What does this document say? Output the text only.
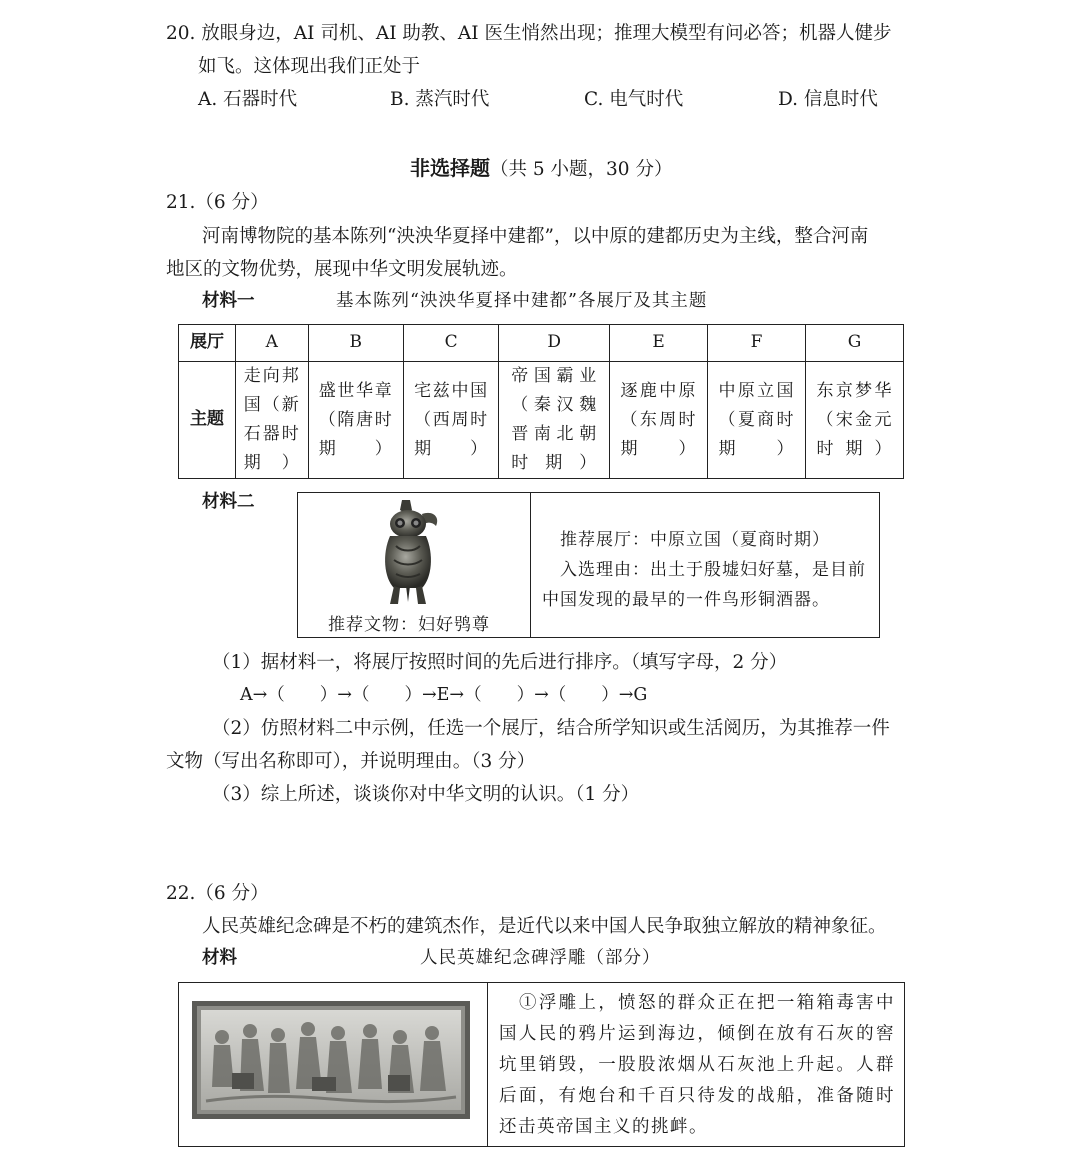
20. 放眼身边，AI 司机、AI 助教、AI 医生悄然出现；推理大模型有问必答；机器人健步
如飞。这体现出我们正处于
A. 石器时代	B. 蒸汽时代	C. 电气时代	D. 信息时代
非选择题（共 5 小题，30 分）
21.（6 分）
河南博物院的基本陈列“泱泱华夏择中建都”，以中原的建都历史为主线，整合河南
地区的文物优势，展现中华文明发展轨迹。
材料一	基本陈列“泱泱华夏择中建都”各展厅及其主题
展厅	A	B	C	D	E	F	G
主题	走向邦国（新石器时期）	盛世华章（隋唐时期）	宅兹中国（西周时期）	帝国霸业（秦汉魏晋南北朝时期）	逐鹿中原（东周时期）	中原立国（夏商时期）	东京梦华（宋金元时期）
材料二
推荐文物：妇好鸮尊
推荐展厅：中原立国（夏商时期）
入选理由：出土于殷墟妇好墓，是目前中国发现的最早的一件鸟形铜酒器。
（1）据材料一，将展厅按照时间的先后进行排序。（填写字母，2 分）
A→（　　）→（　　）→E→（　　）→（　　）→G
（2）仿照材料二中示例，任选一个展厅，结合所学知识或生活阅历，为其推荐一件
文物（写出名称即可），并说明理由。（3 分）
（3）综上所述，谈谈你对中华文明的认识。（1 分）
22.（6 分）
人民英雄纪念碑是不朽的建筑杰作，是近代以来中国人民争取独立解放的精神象征。
材料	人民英雄纪念碑浮雕（部分）
①浮雕上，愤怒的群众正在把一箱箱毒害中国人民的鸦片运到海边，倾倒在放有石灰的窖坑里销毁，一股股浓烟从石灰池上升起。人群后面，有炮台和千百只待发的战船，准备随时还击英帝国主义的挑衅。
